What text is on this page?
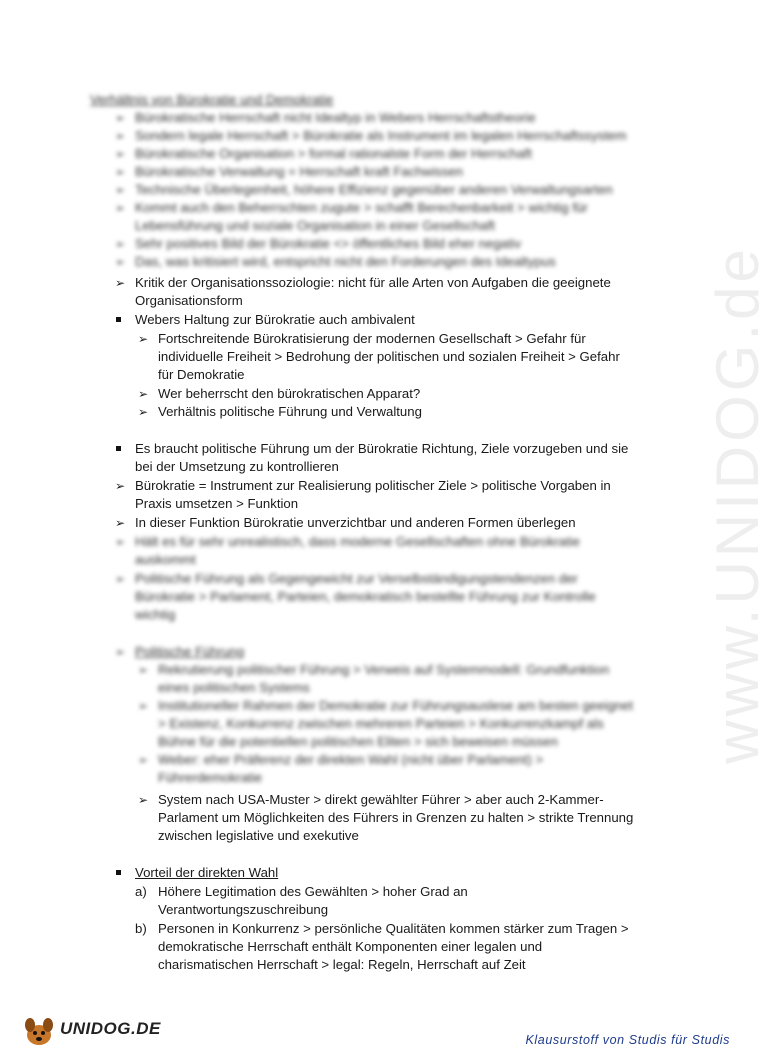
www.UNIDOG.de
Verhältnis von Bürokratie und Demokratie
➢ Bürokratische Herrschaft nicht Idealtyp in Webers Herrschaftstheorie
➢ Sondern legale Herrschaft > Bürokratie als Instrument im legalen Herrschaftssystem
➢ Bürokratische Organisation > formal rationalste Form der Herrschaft
➢ Bürokratische Verwaltung = Herrschaft kraft Fachwissen
➢ Technische Überlegenheit, höhere Effizienz gegenüber anderen Verwaltungsarten
➢ Kommt auch den Beherrschten zugute > schafft Berechenbarkeit > wichtig für
Lebensführung und soziale Organisation in einer Gesellschaft
➢ Sehr positives Bild der Bürokratie <> öffentliches Bild eher negativ
➢ Das, was kritisiert wird, entspricht nicht den Forderungen des Idealtypus
➢ Kritik der Organisationssoziologie: nicht für alle Arten von Aufgaben die geeignete
Organisationsform
Webers Haltung zur Bürokratie auch ambivalent
➢ Fortschreitende Bürokratisierung der modernen Gesellschaft > Gefahr für
individuelle Freiheit > Bedrohung der politischen und sozialen Freiheit > Gefahr
für Demokratie
➢ Wer beherrscht den bürokratischen Apparat?
➢ Verhältnis politische Führung und Verwaltung
Es braucht politische Führung um der Bürokratie Richtung, Ziele vorzugeben und sie
bei der Umsetzung zu kontrollieren
➢ Bürokratie = Instrument zur Realisierung politischer Ziele > politische Vorgaben in
Praxis umsetzen > Funktion
➢ In dieser Funktion Bürokratie unverzichtbar und anderen Formen überlegen
➢ Hält es für sehr unrealistisch, dass moderne Gesellschaften ohne Bürokratie
auskommt
➢ Politische Führung als Gegengewicht zur Verselbständigungstendenzen der
Bürokratie > Parlament, Parteien, demokratisch bestellte Führung zur Kontrolle
wichtig
➢ Politische Führung
➢ Rekrutierung politischer Führung > Verweis auf Systemmodell: Grundfunktion
eines politischen Systems
➢ Institutioneller Rahmen der Demokratie zur Führungsauslese am besten geeignet
> Existenz, Konkurrenz zwischen mehreren Parteien > Konkurrenzkampf als
Bühne für die potentiellen politischen Eliten > sich beweisen müssen
➢ Weber: eher Präferenz der direkten Wahl (nicht über Parlament) >
Führerdemokratie
➢ System nach USA-Muster > direkt gewählter Führer > aber auch 2-Kammer-
Parlament um Möglichkeiten des Führers in Grenzen zu halten > strikte Trennung
zwischen legislative und exekutive
Vorteil der direkten Wahl
a) Höhere Legitimation des Gewählten > hoher Grad an
Verantwortungszuschreibung
b) Personen in Konkurrenz > persönliche Qualitäten kommen stärker zum Tragen >
demokratische Herrschaft enthält Komponenten einer legalen und
charismatischen Herrschaft > legal: Regeln, Herrschaft auf Zeit
UNIDOG.DE
Klausurstoff von Studis für Studis
